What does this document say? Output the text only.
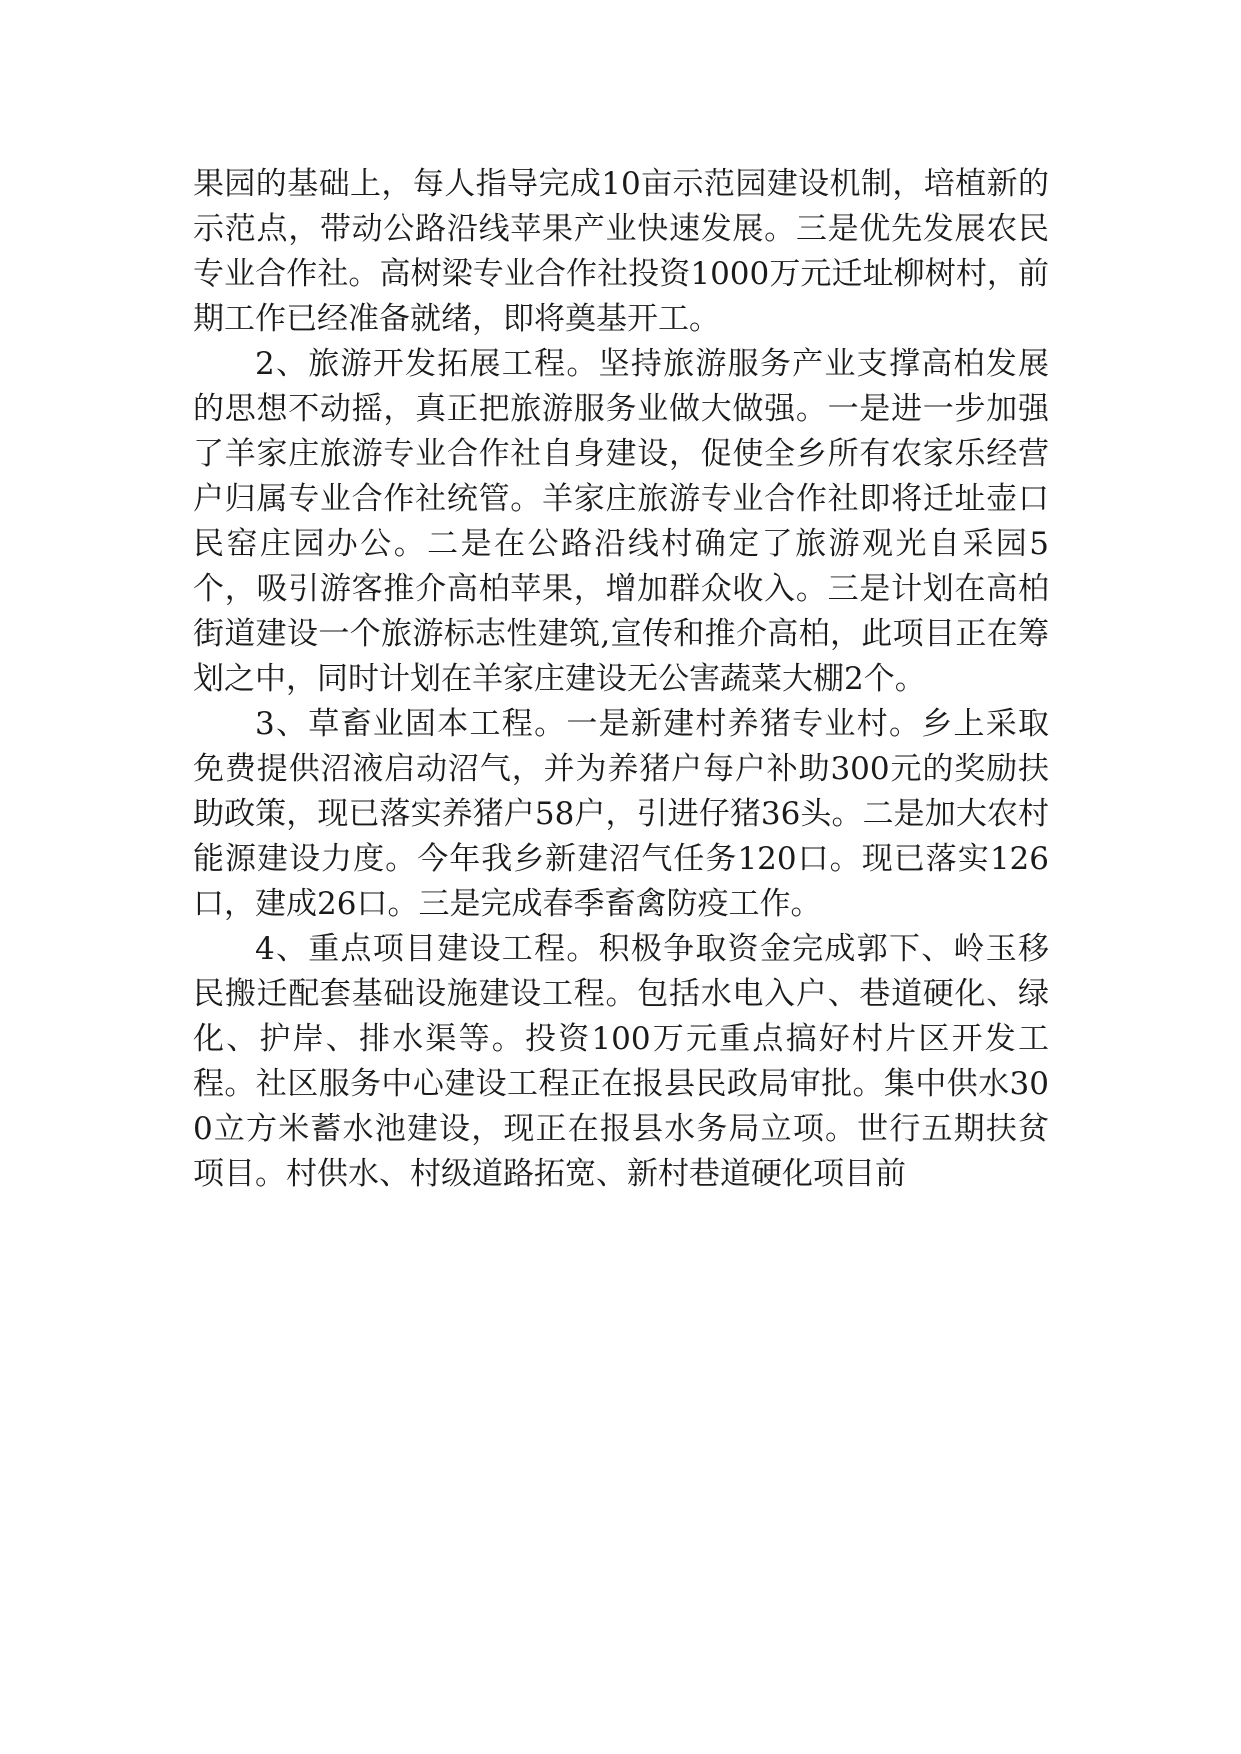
果园的基础上，每人指导完成10亩示范园建设机制，培植新的示范点，带动公路沿线苹果产业快速发展。三是优先发展农民专业合作社。高树梁专业合作社投资1000万元迁址柳树村，前期工作已经准备就绪，即将奠基开工。

2、旅游开发拓展工程。坚持旅游服务产业支撑高柏发展的思想不动摇，真正把旅游服务业做大做强。一是进一步加强了羊家庄旅游专业合作社自身建设，促使全乡所有农家乐经营户归属专业合作社统管。羊家庄旅游专业合作社即将迁址壶口民窑庄园办公。二是在公路沿线村确定了旅游观光自采园5个，吸引游客推介高柏苹果，增加群众收入。三是计划在高柏街道建设一个旅游标志性建筑,宣传和推介高柏，此项目正在筹划之中，同时计划在羊家庄建设无公害蔬菜大棚2个。

3、草畜业固本工程。一是新建村养猪专业村。乡上采取免费提供沼液启动沼气，并为养猪户每户补助300元的奖励扶助政策，现已落实养猪户58户，引进仔猪36头。二是加大农村能源建设力度。今年我乡新建沼气任务120口。现已落实126口，建成26口。三是完成春季畜禽防疫工作。

4、重点项目建设工程。积极争取资金完成郭下、岭玉移民搬迁配套基础设施建设工程。包括水电入户、巷道硬化、绿化、护岸、排水渠等。投资100万元重点搞好村片区开发工程。社区服务中心建设工程正在报县民政局审批。集中供水300立方米蓄水池建设，现正在报县水务局立项。世行五期扶贫项目。村供水、村级道路拓宽、新村巷道硬化项目前
